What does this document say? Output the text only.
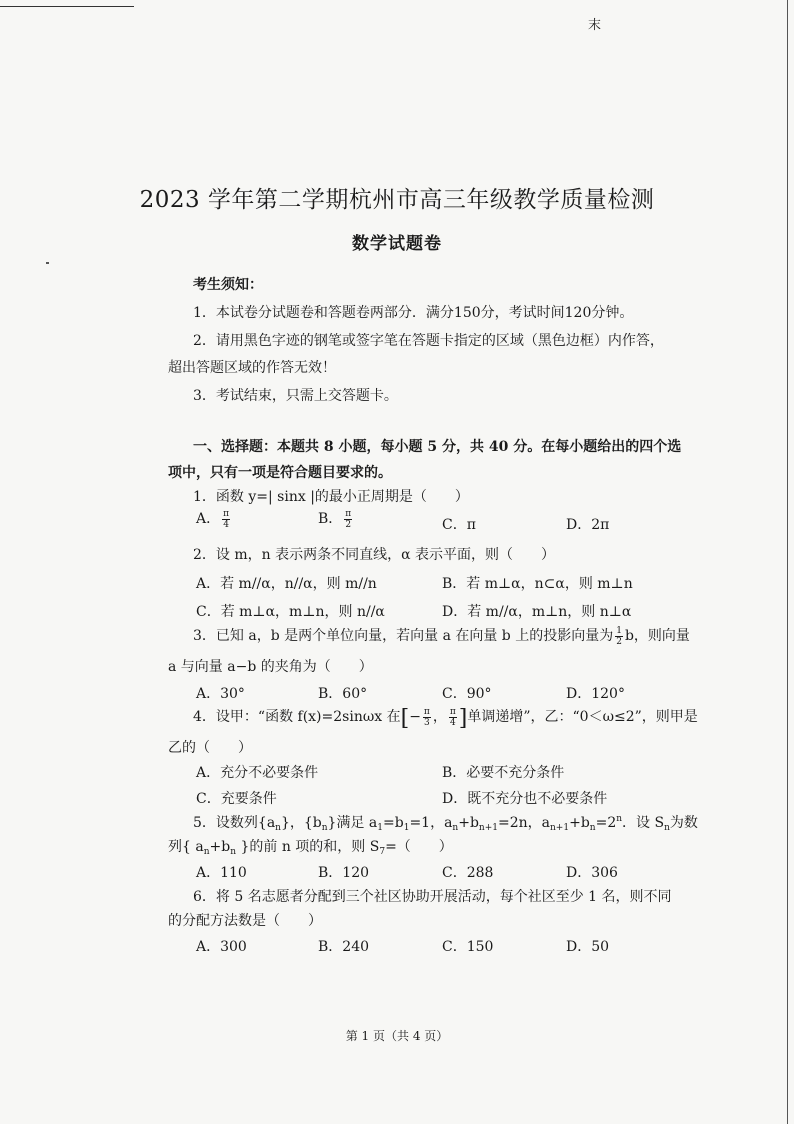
末
2023 学年第二学期杭州市高三年级教学质量检测
数学试题卷
考生须知：
1．本试卷分试题卷和答题卷两部分．满分150分，考试时间120分钟。
2．请用黑色字迹的钢笔或签字笔在答题卡指定的区域（黑色边框）内作答，
超出答题区域的作答无效！
3．考试结束，只需上交答题卡。
一、选择题：本题共 8 小题，每小题 5 分，共 40 分。在每小题给出的四个选
项中，只有一项是符合题目要求的。
1．函数 y=| sinx |的最小正周期是（　　）
A． $\frac{\pi}{4}$	B． $\frac{\pi}{2}$	C．π	D．2π
2．设 m，n 表示两条不同直线，α 表示平面，则（　　）
A．若 m//α，n//α，则 m//n	B．若 m⊥α，n⊂α，则 m⊥n
C．若 m⊥α，m⊥n，则 n//α	D．若 m//α，m⊥n，则 n⊥α
3．已知 a，b 是两个单位向量，若向量 a 在向量 b 上的投影向量为 $\frac{1}{2}$ b，则向量
a 与向量 a−b 的夹角为（　　）
A．30°	B．60°	C．90°	D．120°
4．设甲：“函数 f(x)=2sinωx 在[− $\frac{\pi}{3}$ ， $\frac{\pi}{4}$ ]单调递增”，乙：“0＜ω≤2”，则甲是
乙的（　　）
A．充分不必要条件	B．必要不充分条件
C．充要条件	D．既不充分也不必要条件
5．设数列$\{a_n\}$，$\{b_n\}$满足 $a_1=b_1=1$，$a_n+b_{n+1}=2n$，$a_{n+1}+b_n=2^n$．设 $S_n$为数
列{ $a_n+b_n$ }的前 n 项的和，则 $S_7=$（　　）
A．110	B．120	C．288	D．306
6．将 5 名志愿者分配到三个社区协助开展活动，每个社区至少 1 名，则不同
的分配方法数是（　　）
A．300	B．240	C．150	D．50
第 1 页（共 4 页）
